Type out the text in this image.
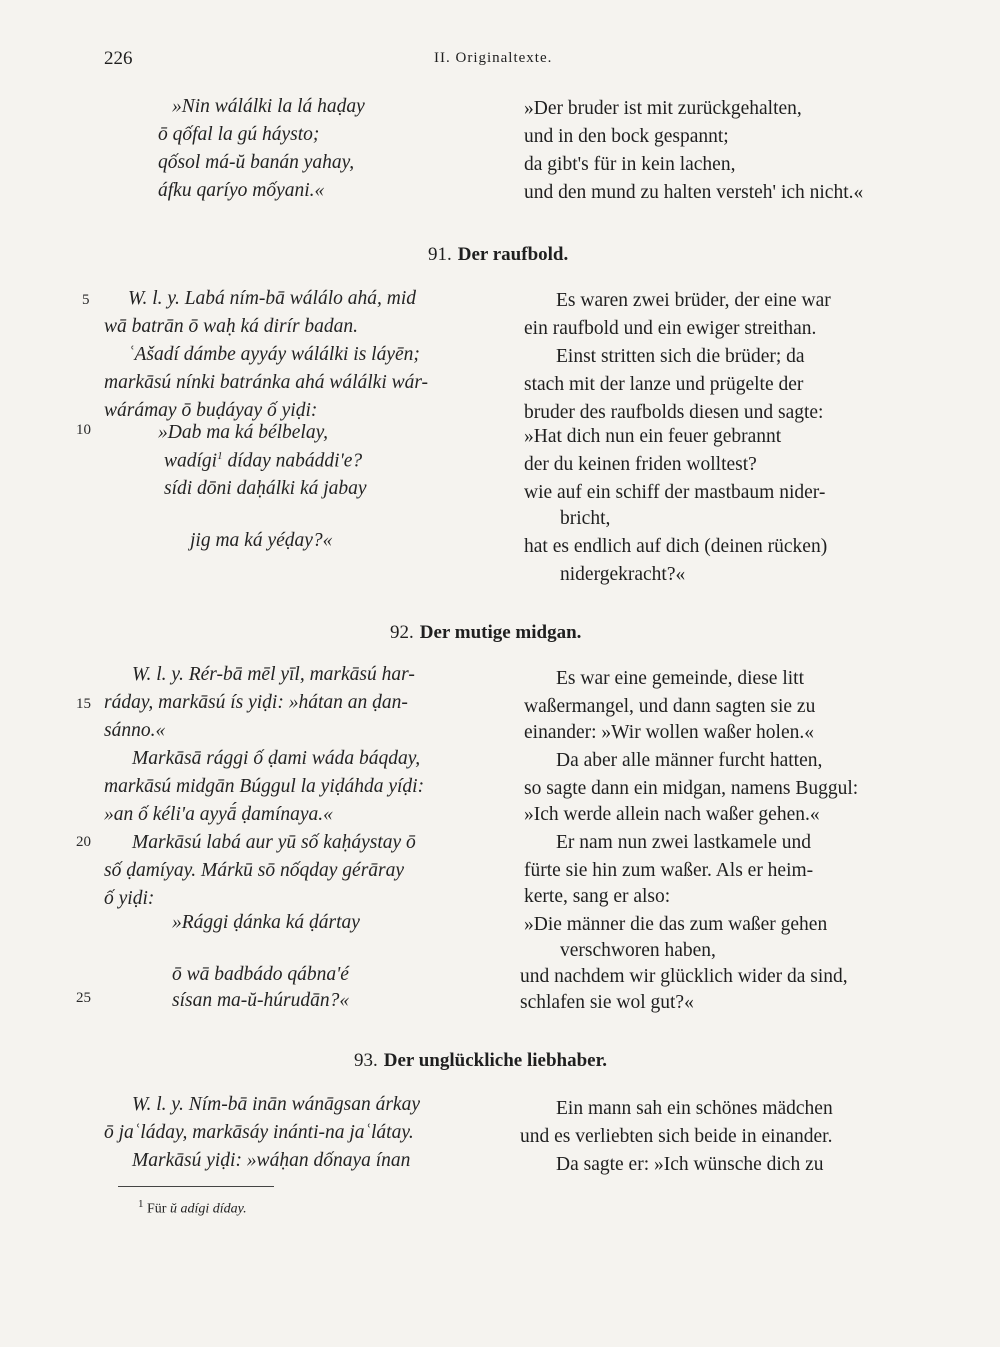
226	II. Originaltexte.
»Nin wálálki la lá haḍay
ō qốfal la gú háysto;
qốsol má-ŭ banán yahay,
áfku qaríyo mốyani.«
»Der bruder ist mit zurückgehalten,
und in den bock gespannt;
da gibt's für in kein lachen,
und den mund zu halten versteh' ich nicht.«
91. Der raufbold.
5 W. l. y. Labá ním-bā wálálo ahá, mid
wā batrān ō waḥ ká dirír badan.
ʿAšadí dámbe ayyáy wálálki is láyēn;
markāsú nínki batránka ahá wálálki wár-
wárámay ō buḍáyay ố yiḍi:
10	»Dab ma ká bélbelay,
wadígi$^1$ díday nabáddi'e?
sídi dōni daḥálki ká jabay
jig ma ká yéḍay?«
Es waren zwei brüder, der eine war
ein raufbold und ein ewiger streithan.
Einst stritten sich die brüder; da
stach mit der lanze und prügelte der
bruder des raufbolds diesen und sagte:
»Hat dich nun ein feuer gebrannt
der du keinen friden wolltest?
wie auf ein schiff der mastbaum nider-
bricht,
hat es endlich auf dich (deinen rücken)
nidergekracht?«
92. Der mutige midgan.
W. l. y. Rér-bā mēl yīl, markāsú har-
15 ráday, markāsú ís yiḍi: »hátan an ḍan-
sánno.«
Markāsā rággi ố ḍami wáda báqday,
markāsú midgān Búggul la yiḍáhda yíḍi:
»an ố kéli'a ayyā́ ḍamínaya.«
20 Markāsú labá aur yū số kaḥáystay ō
số ḍamíyay. Márkū sō nốqday gérāray
ố yiḍi:
»Rággi ḍánka ká ḍártay
ō wā badbádo qábna'é
25	sísan ma-ŭ-húrudān?«
Es war eine gemeinde, diese litt
waßermangel, und dann sagten sie zu
einander: »Wir wollen waßer holen.«
Da aber alle männer furcht hatten,
so sagte dann ein midgan, namens Buggul:
»Ich werde allein nach waßer gehen.«
Er nam nun zwei lastkamele und
fürte sie hin zum waßer. Als er heim-
kerte, sang er also:
»Die männer die das zum waßer gehen
verschworen haben,
und nachdem wir glücklich wider da sind,
schlafen sie wol gut?«
93. Der unglückliche liebhaber.
W. l. y. Ním-bā inān wánāgsan árkay
ō jaʿláday, markāsáy inánti-na jaʿlátay.
Markāsú yiḍi: »wáḥan dốnaya ínan
Ein mann sah ein schönes mädchen
und es verliebten sich beide in einander.
Da sagte er: »Ich wünsche dich zu
$^1$ Für ŭ adígi díday.
